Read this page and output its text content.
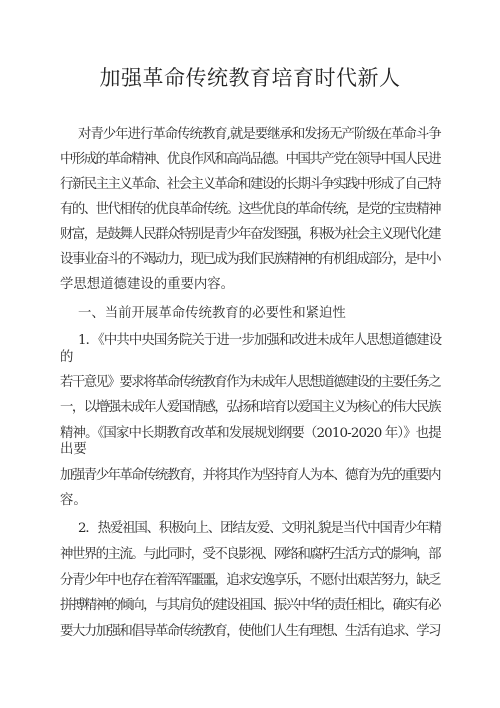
加强革命传统教育培育时代新人
对青少年进行革命传统教育,就是要继承和发扬无产阶级在革命斗争
中形成的革命精神、优良作风和高尚品德。中国共产党在领导中国人民进
行新民主主义革命、社会主义革命和建设的长期斗争实践中形成了自己特
有的、世代相传的优良革命传统。这些优良的革命传统，是党的宝贵精神
财富，是鼓舞人民群众特别是青少年奋发图强，积极为社会主义现代化建
设事业奋斗的不竭动力，现已成为我们民族精神的有机组成部分，是中小
学思想道德建设的重要内容。
一、当前开展革命传统教育的必要性和紧迫性
1．《中共中央国务院关于进一步加强和改进未成年人思想道德建设
的
若干意见》要求将革命传统教育作为未成年人思想道德建设的主要任务之
一，以增强未成年人爱国情感，弘扬和培育以爱国主义为核心的伟大民族
精神。《国家中长期教育改革和发展规划纲要（2010-2020 年）》也提
出要
加强青少年革命传统教育，并将其作为坚持育人为本、德育为先的重要内
容。
2．热爱祖国、积极向上、团结友爱、文明礼貌是当代中国青少年精
神世界的主流。与此同时，受不良影视、网络和腐朽生活方式的影响，部
分青少年中也存在着浑浑噩噩，追求安逸享乐，不愿付出艰苦努力，缺乏
拼搏精神的倾向，与其肩负的建设祖国、振兴中华的责任相比，确实有必
要大力加强和倡导革命传统教育，使他们人生有理想、生活有追求、学习
